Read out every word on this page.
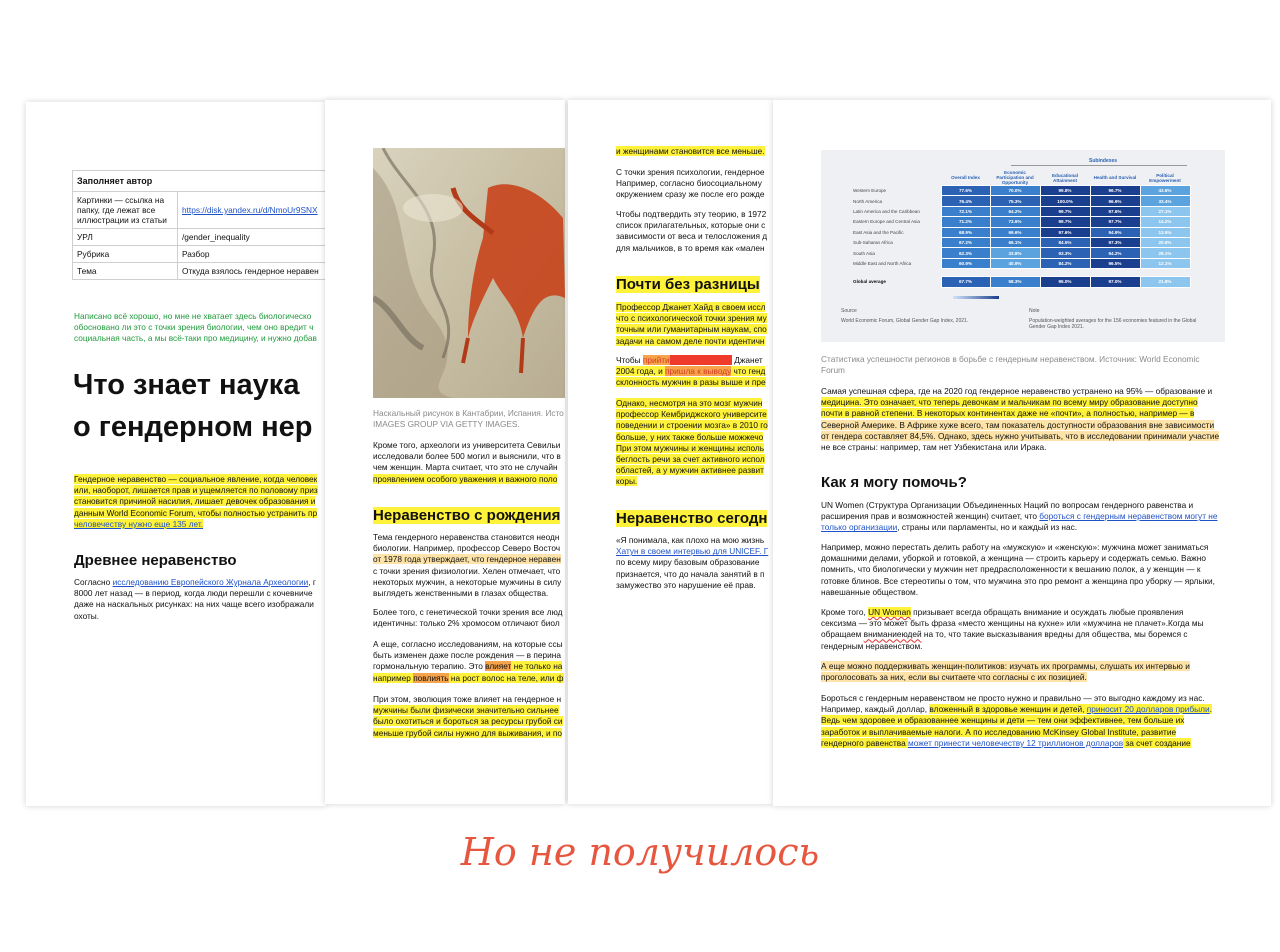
Заполняет автор	
Картинки — ссылка на папку, где лежат все иллюстрации из статьи	https://disk.yandex.ru/d/NmoUr9SNX
УРЛ	/gender_inequality
Рубрика	Разбор
Тема	Откуда взялось гендерное неравен
Написано всё хорошо, но мне не хватает здесь биологическо
обосновано ли это с точки зрения биологии, чем оно вредит ч
социальная часть, а мы всё-таки про медицину, и нужно добав
Что знает наука
о гендерном нер
Гендерное неравенство — социальное явление, когда человек
или, наоборот, лишается прав и ущемляется по половому приз
становится причиной насилия, лишает девочек образования и
данным World Economic Forum, чтобы полностью устранить пр
человечеству нужно еще 135 лет.
Древнее неравенство
Согласно исследованию Европейского Журнала Археологии, г
8000 лет назад — в период, когда люди перешли с кочевниче
даже на наскальных рисунках: на них чаще всего изображали
охоты.
Наскальный рисунок в Кантабрии, Испания. Исто
IMAGES GROUP VIA GETTY IMAGES.
Кроме того, археологи из университета Севильи
исследовали более 500 могил и выяснили, что в
чем женщин. Марта считает, что это не случайн
проявлением особого уважения и важного поло
Неравенство с рождения
Тема гендерного неравенства становится неодн
биологии. Например, профессор Северо Восточ
от 1978 года утверждает, что гендерное неравен
с точки зрения физиологии. Хелен отмечает, что
некоторых мужчин, а некоторые мужчины в силу
выглядеть женственными в глазах общества.
Более того, с генетической точки зрения все люд
идентичны: только 2% хромосом отличают биол
А еще, согласно исследованиям, на которые ссы
быть изменен даже после рождения — в перина
гормональную терапию. Это влияет не только на
например повлиять на рост волос на теле, или ф
При этом, эволюция тоже влияет на гендерное н
мужчины были физически значительно сильнее
было охотиться и бороться за ресурсы грубой си
меньше грубой силы нужно для выживания, и по
и женщинами становится все меньше.
С точки зрения психологии, гендерное
Например, согласно биосоциальному
окружением сразу же после его рожде
Чтобы подтвердить эту теорию, в 1972
список прилагательных, которые они с
зависимости от веса и телосложения д
для мальчиков, в то время как «мален
Почти без разницы
Профессор Джанет Хайд в своем иссл
что с психологической точки зрения му
точным или гуманитарным наукам, спо
задачи на самом деле почти идентичн
Чтобы прийтиxxxxxxxxxxxxxxx Джанет
2004 года, и пришла к выводу что генд
склонность мужчин в разы выше и пре
Однако, несмотря на это мозг мужчин
профессор Кембриджского университе
поведении и строении мозга» в 2010 го
больше, у них также больше можжечо
При этом мужчины и женщины исполь
беглость речи за счет активного испол
областей, а у мужчин активнее развит
коры.
Неравенство сегодн
«Я понимала, как плохо на мою жизнь
Хатун в своем интервью для UNICEF. Г
по всему миру базовым образование
признается, что до начала занятий в п
замужество это нарушение её прав.
Subindexes
	Overall Index	Economic Participation and Opportunity	Educational Attainment	Health and Survival	Political Empowerment
Western Europe	77.6%	70.0%	99.8%	96.7%	43.8%
North America	76.4%	75.3%	100.0%	96.9%	33.4%
Latin America and the Caribbean	72.1%	64.2%	99.7%	97.6%	27.1%
Eastern Europe and Central Asia	71.2%	73.6%	99.7%	97.7%	14.2%
East Asia and the Pacific	68.9%	69.6%	97.6%	94.9%	13.5%
Sub-Saharan Africa	67.2%	66.1%	84.5%	97.3%	20.8%
South Asia	62.3%	33.8%	93.3%	94.2%	28.1%
Middle East and North Africa	60.9%	40.9%	84.2%	96.5%	12.1%

Global average	67.7%	58.3%	95.0%	97.0%	21.8%
Source
World Economic Forum, Global Gender Gap Index, 2021.
Note
Population-weighted averages for the 156 economies featured in the Global
Gender Gap Index 2021.
Статистика успешности регионов в борьбе с гендерным неравенством. Источник: World Economic
Forum
Самая успешная сфера, где на 2020 год гендерное неравенство устранено на 95% — образование и
медицина. Это означает, что теперь девочкам и мальчикам по всему миру образование доступно
почти в равной степени. В некоторых континентах даже не «почти», а полностью, например — в
Северной Америке. В Африке хуже всего, там показатель доступности образования вне зависимости
от гендера составляет 84,5%. Однако, здесь нужно учитывать, что в исследовании принимали участие
не все страны: например, там нет Узбекистана или Ирака.
Как я могу помочь?
UN Women (Структура Организации Объединенных Наций по вопросам гендерного равенства и
расширения прав и возможностей женщин) считает, что бороться с гендерным неравенством могут не
только организации, страны или парламенты, но и каждый из нас.
Например, можно перестать делить работу на «мужскую» и «женскую»: мужчина может заниматься
домашними делами, уборкой и готовкой, а женщина — строить карьеру и содержать семью. Важно
помнить, что биологически у мужчин нет предрасположенности к вешанию полок, а у женщин — к
готовке блинов. Все стереотипы о том, что мужчина это про ремонт а женщина про уборку — ярлыки,
навешанные обществом.
Кроме того, UN Woman призывает всегда обращать внимание и осуждать любые проявления
сексизма — это может быть фраза «место женщины на кухне» или «мужчина не плачет».Когда мы
обращаем вниманиеюдей на то, что такие высказывания вредны для общества, мы боремся с
гендерным неравенством.
А еще можно поддерживать женщин-политиков: изучать их программы, слушать их интервью и
проголосовать за них, если вы считаете что согласны с их позицией.
Бороться с гендерным неравенством не просто нужно и правильно — это выгодно каждому из нас.
Например, каждый доллар, вложенный в здоровье женщин и детей, приносит 20 долларов прибыли.
Ведь чем здоровее и образованнее женщины и дети — тем они эффективнее, тем больше их
заработок и выплачиваемые налоги. А по исследованию McKinsey Global Institute, развитие
гендерного равенства может принести человечеству 12 триллионов долларов за счет создание
Но не получилось
